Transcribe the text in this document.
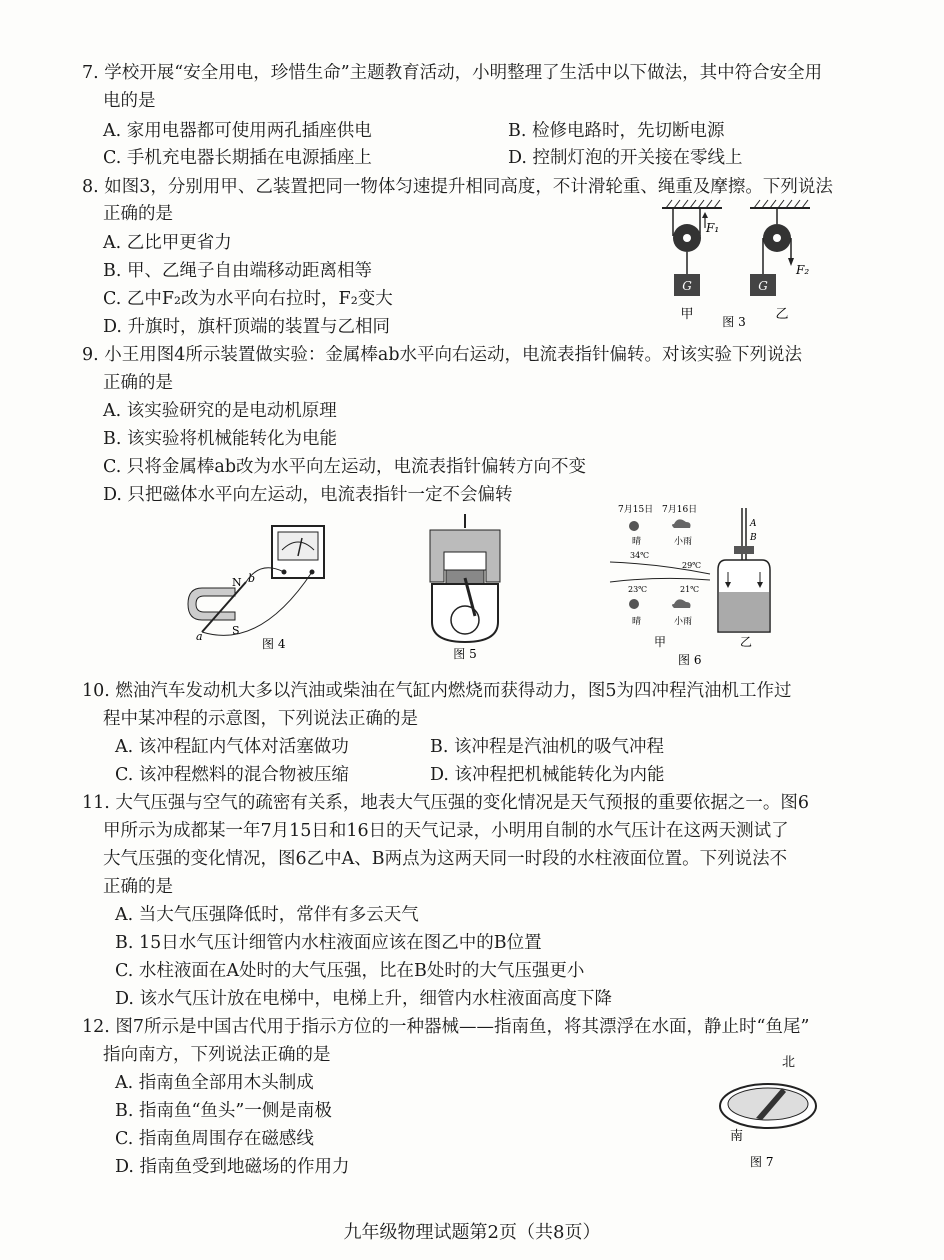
7. 学校开展“安全用电，珍惜生命”主题教育活动，小明整理了生活中以下做法，其中符合安全用
电的是
A. 家用电器都可使用两孔插座供电	B. 检修电路时，先切断电源
C. 手机充电器长期插在电源插座上	D. 控制灯泡的开关接在零线上
8. 如图3，分别用甲、乙装置把同一物体匀速提升相同高度，不计滑轮重、绳重及摩擦。下列说法
正确的是
A. 乙比甲更省力
B. 甲、乙绳子自由端移动距离相等
C. 乙中F₂改为水平向右拉时，F₂变大
D. 升旗时，旗杆顶端的装置与乙相同
G
F₁
甲
F₂
G
乙
图 3
9. 小王用图4所示装置做实验：金属棒ab水平向右运动，电流表指针偏转。对该实验下列说法
正确的是
A. 该实验研究的是电动机原理
B. 该实验将机械能转化为电能
C. 只将金属棒ab改为水平向左运动，电流表指针偏转方向不变
D. 只把磁体水平向左运动，电流表指针一定不会偏转
N
S
b
a
图 4
图 5
7月15日 7月16日
晴	小雨
34℃
29℃
23℃	21℃
晴	小雨
甲
A
B
乙
图 6
10. 燃油汽车发动机大多以汽油或柴油在气缸内燃烧而获得动力，图5为四冲程汽油机工作过
程中某冲程的示意图，下列说法正确的是
A. 该冲程缸内气体对活塞做功	B. 该冲程是汽油机的吸气冲程
C. 该冲程燃料的混合物被压缩	D. 该冲程把机械能转化为内能
11. 大气压强与空气的疏密有关系，地表大气压强的变化情况是天气预报的重要依据之一。图6
甲所示为成都某一年7月15日和16日的天气记录，小明用自制的水气压计在这两天测试了
大气压强的变化情况，图6乙中A、B两点为这两天同一时段的水柱液面位置。下列说法不
正确的是
A. 当大气压强降低时，常伴有多云天气
B. 15日水气压计细管内水柱液面应该在图乙中的B位置
C. 水柱液面在A处时的大气压强，比在B处时的大气压强更小
D. 该水气压计放在电梯中，电梯上升，细管内水柱液面高度下降
12. 图7所示是中国古代用于指示方位的一种器械——指南鱼，将其漂浮在水面，静止时“鱼尾”
指向南方，下列说法正确的是
A. 指南鱼全部用木头制成
B. 指南鱼“鱼头”一侧是南极
C. 指南鱼周围存在磁感线
D. 指南鱼受到地磁场的作用力
北
南
图 7
九年级物理试题第2页（共8页）
